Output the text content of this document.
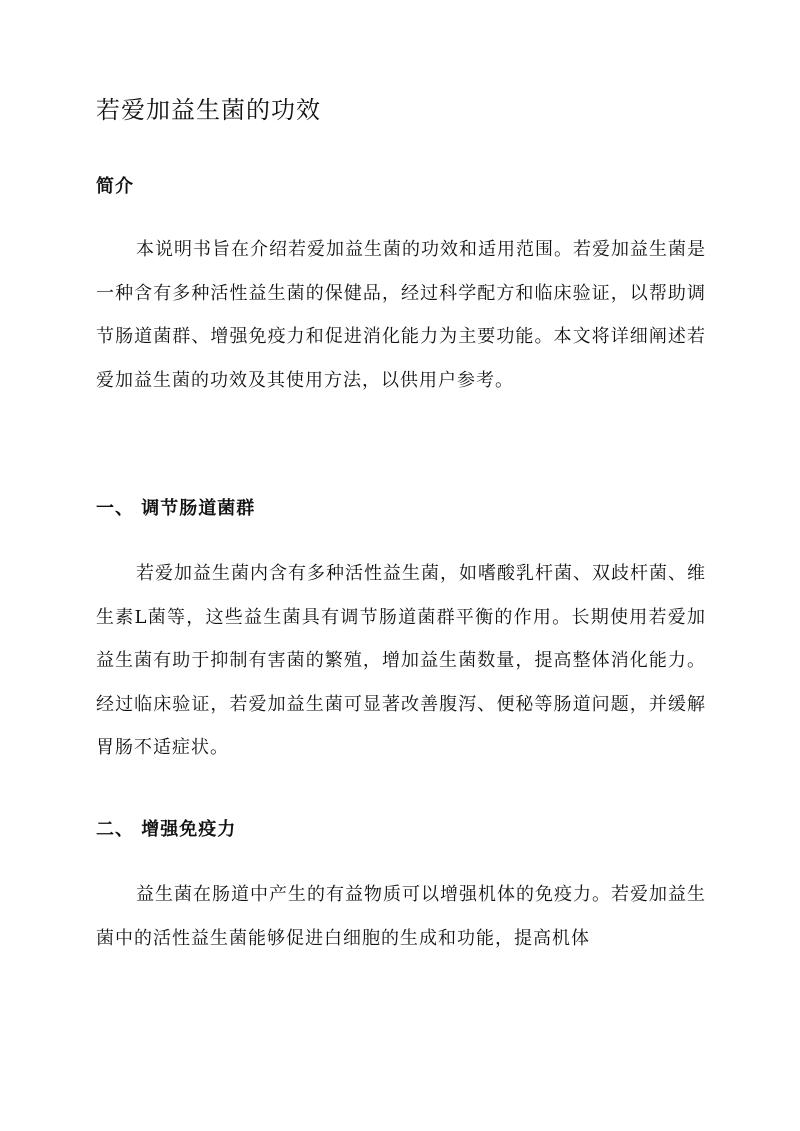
若爱加益生菌的功效
简介

本说明书旨在介绍若爱加益生菌的功效和适用范围。若爱加益生菌是一种含有多种活性益生菌的保健品，经过科学配方和临床验证，以帮助调节肠道菌群、增强免疫力和促进消化能力为主要功能。本文将详细阐述若爱加益生菌的功效及其使用方法，以供用户参考。

一、 调节肠道菌群

若爱加益生菌内含有多种活性益生菌，如嗜酸乳杆菌、双歧杆菌、维生素L菌等，这些益生菌具有调节肠道菌群平衡的作用。长期使用若爱加益生菌有助于抑制有害菌的繁殖，增加益生菌数量，提高整体消化能力。经过临床验证，若爱加益生菌可显著改善腹泻、便秘等肠道问题，并缓解胃肠不适症状。

二、 增强免疫力

益生菌在肠道中产生的有益物质可以增强机体的免疫力。若爱加益生菌中的活性益生菌能够促进白细胞的生成和功能，提高机体
